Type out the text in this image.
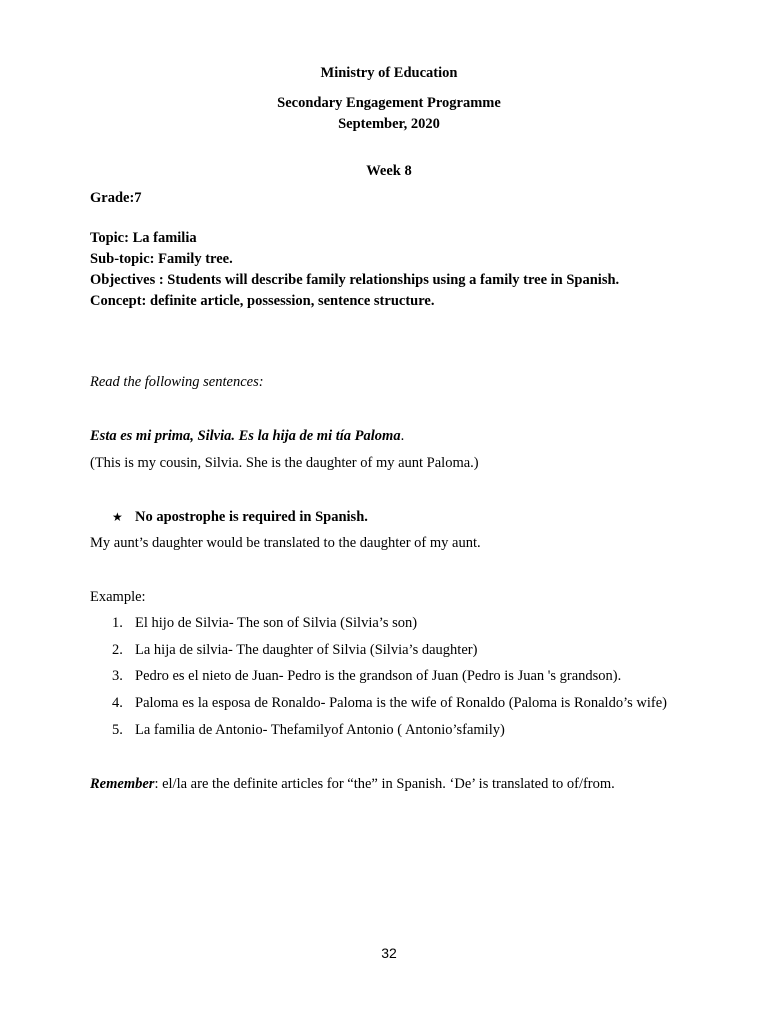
Ministry of Education
Secondary Engagement Programme
September, 2020
Week 8
Grade:7
Topic: La familia
Sub-topic: Family tree.
Objectives : Students will describe family relationships using a family tree in Spanish.
Concept: definite article, possession, sentence structure.
Read the following sentences:
Esta es mi prima, Silvia. Es la hija de mi tía Paloma.
(This is my cousin, Silvia. She is the daughter of my aunt Paloma.)
★ No apostrophe is required in Spanish.
My aunt’s daughter would be translated to the daughter of my aunt.
Example:
1. El hijo de Silvia- The son of Silvia (Silvia’s son)
2. La hija de silvia- The daughter of Silvia (Silvia’s daughter)
3. Pedro es el nieto de Juan- Pedro is the grandson of Juan (Pedro is Juan 's grandson).
4. Paloma es la esposa de Ronaldo- Paloma is the wife of Ronaldo (Paloma is Ronaldo’s wife)
5. La familia de Antonio- Thefamilyof Antonio ( Antonio’sfamily)
Remember: el/la are the definite articles for “the” in Spanish. ‘De’ is translated to of/from.
32
